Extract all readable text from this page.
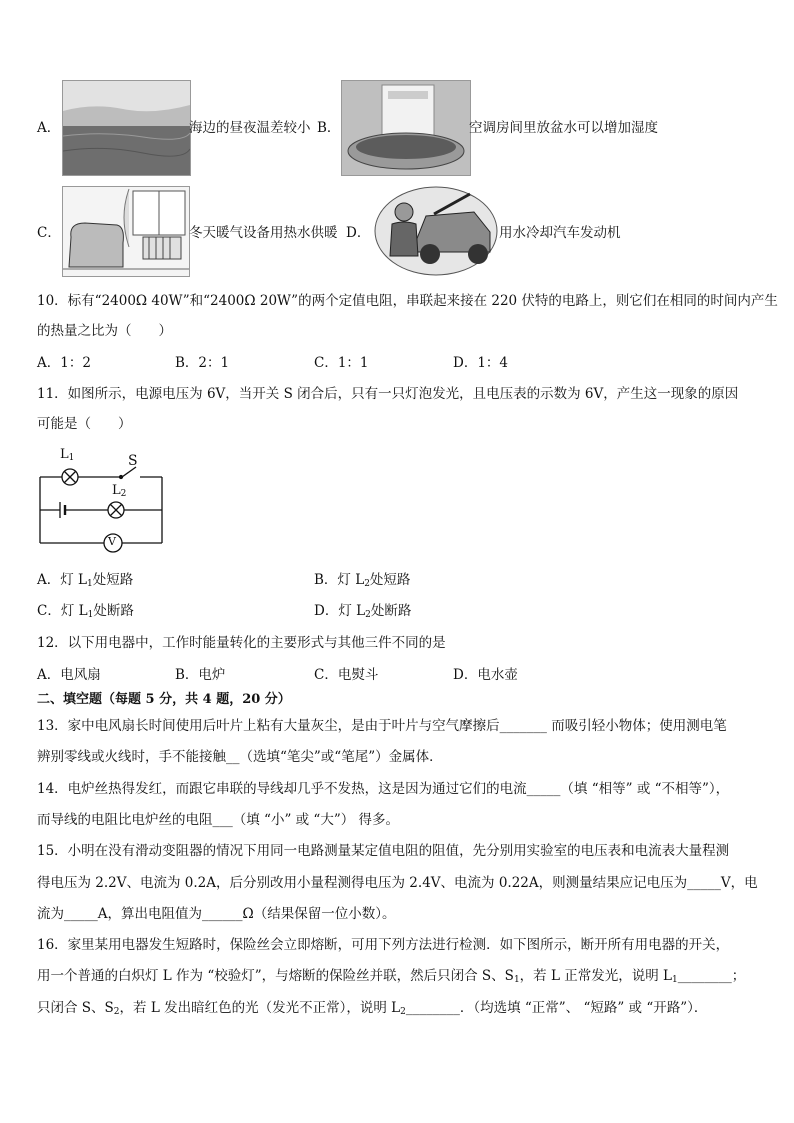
A．	海边的昼夜温差较小 B．	空调房间里放盆水可以增加湿度
C．	冬天暖气设备用热水供暖 D．	用水冷却汽车发动机
10．标有“2400Ω 40W”和“2400Ω 20W”的两个定值电阻，串联起来接在 220 伏特的电路上，则它们在相同的时间内产生
的热量之比为（　　）
A．1：2	B．2：1	C．1：1	D．1：4
11．如图所示，电源电压为 6V，当开关 S 闭合后，只有一只灯泡发光，且电压表的示数为 6V，产生这一现象的原因
可能是（　　）
$L_1$	S
$L_2$
V
A．灯 $L_1$处短路	B．灯 $L_2$处短路
C．灯 $L_1$处断路	D．灯 $L_2$处断路
12．以下用电器中，工作时能量转化的主要形式与其他三件不同的是
A．电风扇	B．电炉	C．电熨斗	D．电水壶
二、填空题（每题 5 分，共 4 题，20 分）
13．家中电风扇长时间使用后叶片上粘有大量灰尘，是由于叶片与空气摩擦后_______ 而吸引轻小物体；使用测电笔
辨别零线或火线时，手不能接触__（选填“笔尖”或“笔尾”）金属体．
14．电炉丝热得发红，而跟它串联的导线却几乎不发热，这是因为通过它们的电流_____（填 “相等” 或 “不相等”），
而导线的电阻比电炉丝的电阻___（填 “小” 或 “大”） 得多。
15．小明在没有滑动变阻器的情况下用同一电路测量某定值电阻的阻值，先分别用实验室的电压表和电流表大量程测
得电压为 2.2V、电流为 0.2A，后分别改用小量程测得电压为 2.4V、电流为 0.22A，则测量结果应记电压为_____V，电
流为_____A，算出电阻值为______Ω（结果保留一位小数）。
16．家里某用电器发生短路时，保险丝会立即熔断，可用下列方法进行检测．如下图所示，断开所有用电器的开关，
用一个普通的白炽灯 L 作为 “校验灯”，与熔断的保险丝并联，然后只闭合 S、$S_1$，若 L 正常发光，说明 $L_1\_\_\_\_\_\_\_\_$；
只闭合 S、$S_2$，若 L 发出暗红色的光（发光不正常），说明 $L_2\_\_\_\_\_\_\_\_$．（均选填 “正常”、 “短路” 或 “开路”）．
